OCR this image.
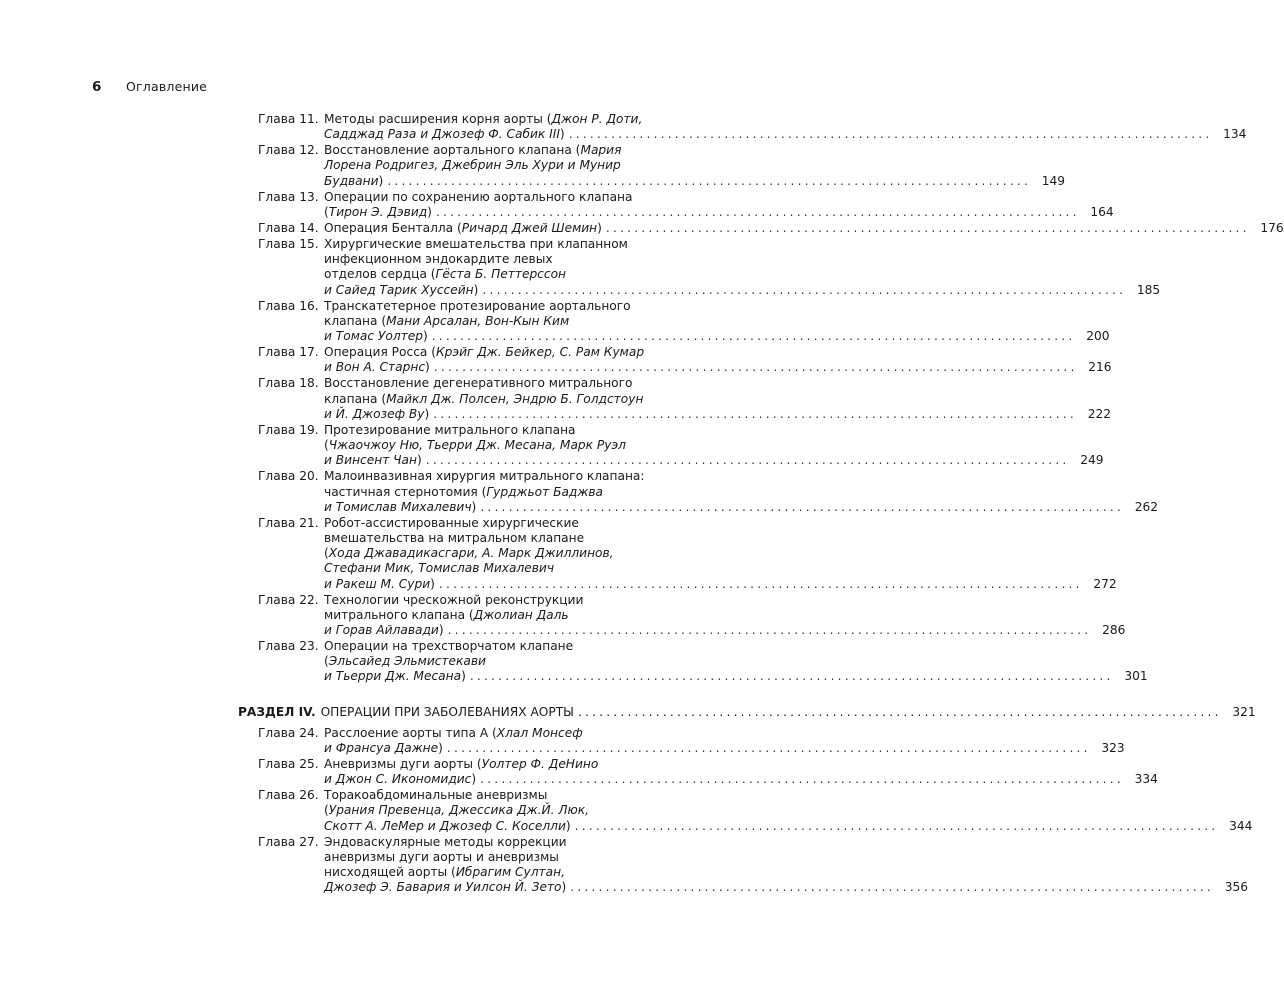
6 Оглавление
Глава 11. Методы расширения корня аорты (Джон Р. Доти,
Садджад Раза и Джозеф Ф. Сабик III) ........................................................................................... 134
Глава 12. Восстановление аортального клапана (Мария
Лорена Родригез, Джебрин Эль Хури и Мунир
Будвани) ........................................................................................... 149
Глава 13. Операции по сохранению аортального клапана
(Тирон Э. Дэвид) ........................................................................................... 164
Глава 14. Операция Бенталла (Ричард Джей Шемин) ........................................................................................... 176
Глава 15. Хирургические вмешательства при клапанном
инфекционном эндокардите левых
отделов сердца (Гёста Б. Петтерссон
и Сайед Тарик Хуссейн) ........................................................................................... 185
Глава 16. Транскатетерное протезирование аортального
клапана (Мани Арсалан, Вон-Кын Ким
и Томас Уолтер) ........................................................................................... 200
Глава 17. Операция Росса (Крэйг Дж. Бейкер, С. Рам Кумар
и Вон А. Старнс) ........................................................................................... 216
Глава 18. Восстановление дегенеративного митрального
клапана (Майкл Дж. Полсен, Эндрю Б. Голдстоун
и Й. Джозеф Ву) ........................................................................................... 222
Глава 19. Протезирование митрального клапана
(Чжаочжоу Ню, Тьерри Дж. Месана, Марк Руэл
и Винсент Чан) ........................................................................................... 249
Глава 20. Малоинвазивная хирургия митрального клапана:
частичная стернотомия (Гурджьот Баджва
и Томислав Михалевич) ........................................................................................... 262
Глава 21. Робот-ассистированные хирургические
вмешательства на митральном клапане
(Хода Джавадикасгари, А. Марк Джиллинов,
Стефани Мик, Томислав Михалевич
и Ракеш М. Сури) ........................................................................................... 272
Глава 22. Технологии чрескожной реконструкции
митрального клапана (Джолиан Даль
и Горав Айлавади) ........................................................................................... 286
Глава 23. Операции на трехстворчатом клапане
(Эльсайед Эльмистекави
и Тьерри Дж. Месана) ........................................................................................... 301
РАЗДЕЛ IV. ОПЕРАЦИИ ПРИ ЗАБОЛЕВАНИЯХ АОРТЫ ........................................................................................... 321
Глава 24. Расслоение аорты типа А (Хлал Монсеф
и Франсуа Дажне) ........................................................................................... 323
Глава 25. Аневризмы дуги аорты (Уолтер Ф. ДеНино
и Джон С. Икономидис) ........................................................................................... 334
Глава 26. Торакоабдоминальные аневризмы
(Урания Превенца, Джессика Дж.Й. Люк,
Скотт А. ЛеМер и Джозеф С. Коселли) ........................................................................................... 344
Глава 27. Эндоваскулярные методы коррекции
аневризмы дуги аорты и аневризмы
нисходящей аорты (Ибрагим Султан,
Джозеф Э. Бавария и Уилсон Й. Зето) ........................................................................................... 356
